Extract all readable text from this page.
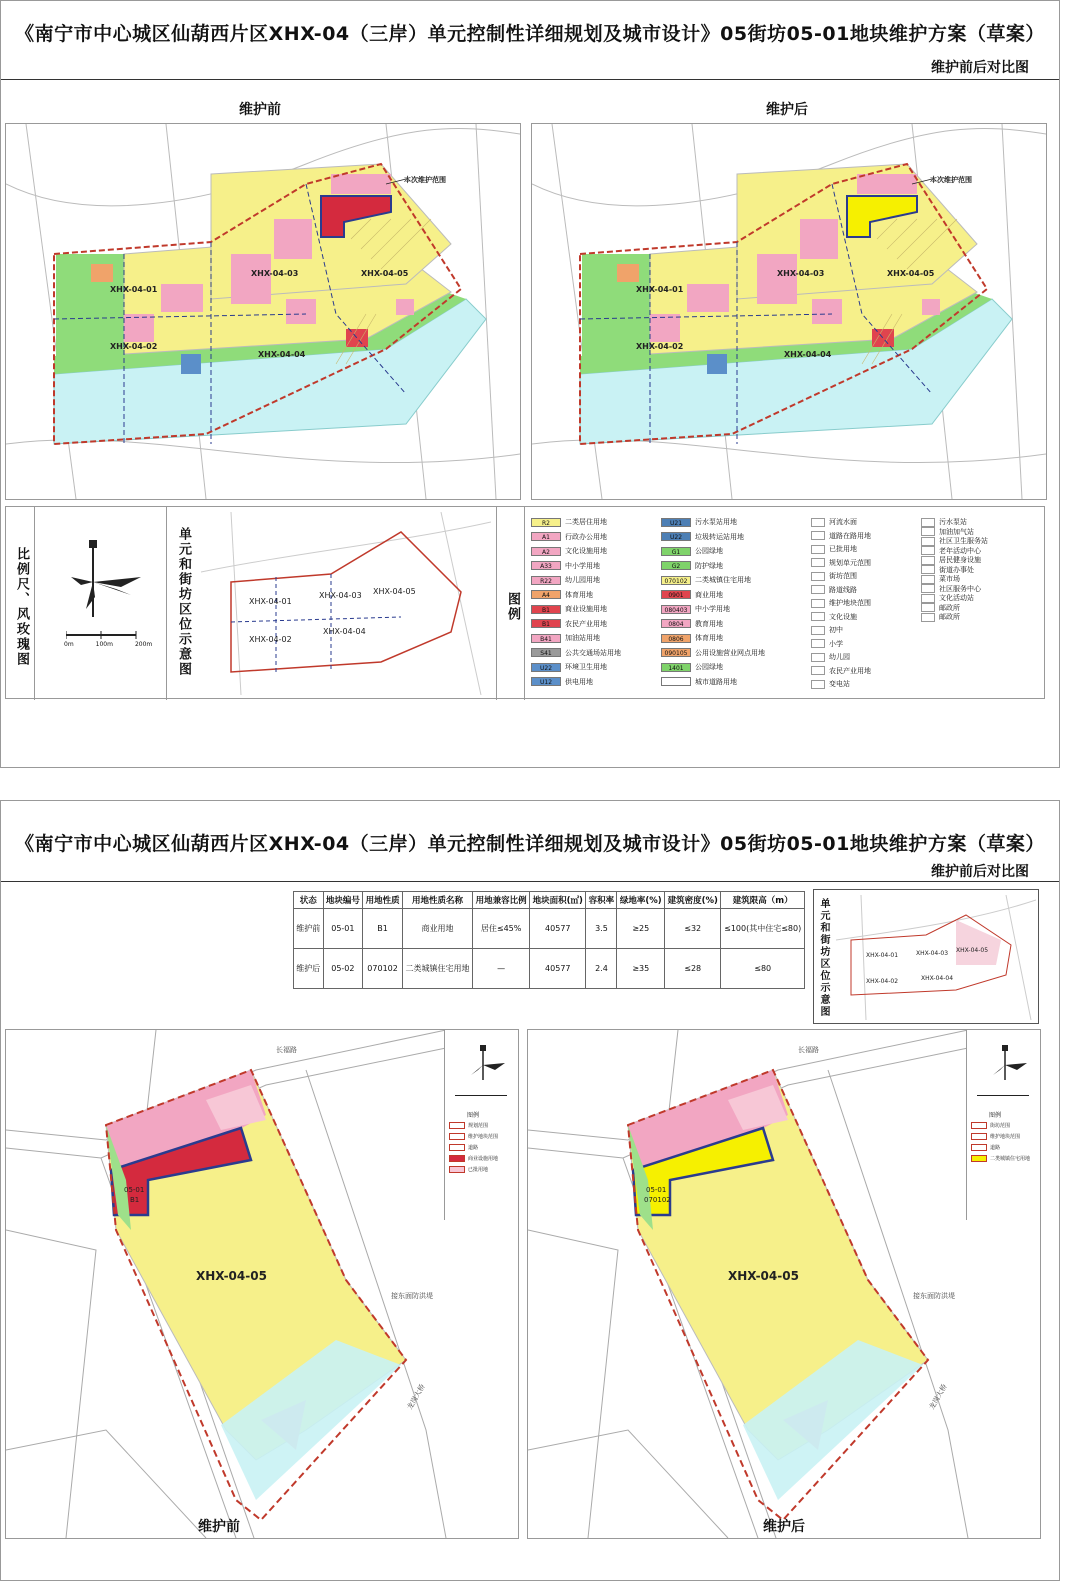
《南宁市中心城区仙葫西片区XHX-04（三岸）单元控制性详细规划及城市设计》05街坊05-01地块维护方案（草案）
维护前后对比图
维护前	维护后
XHX-04-01
XHX-04-02
XHX-04-03
XHX-04-04
XHX-04-05
本次维护范围
XHX-04-01
XHX-04-02
XHX-04-03
XHX-04-04
XHX-04-05
本次维护范围
比例尺、风玫瑰图	0m	100m	200m 单元和街坊区位示意图	XHX-04-01
XHX-04-02
XHX-04-03
XHX-04-04
XHX-04-05
图例
R2	二类居住用地
A1	行政办公用地
A2	文化设施用地
A33	中小学用地
R22	幼儿园用地
A4	体育用地
B1	商业设施用地
B1	农民产业用地
B41	加油站用地
S41	公共交通场站用地
U22	环境卫生用地
U12	供电用地
U21	污水泵站用地
U22	垃圾转运站用地
G1	公园绿地
G2	防护绿地
070102	二类城镇住宅用地
0901	商业用地
080403	中小学用地
0804	教育用地
0806	体育用地
090105	公用设施营业网点用地
1401	公园绿地
城市道路用地
河流水面
道路在路用地
已批用地
规划单元范围
街坊范围
路道线路
维护地块范围
文化设施
初中
小学
幼儿园
农民产业用地
变电站
污水泵站
加油加气站
社区卫生服务站
老年活动中心
居民健身设施
街道办事处
菜市场
社区服务中心
文化活动站
邮政所
邮政所
《南宁市中心城区仙葫西片区XHX-04（三岸）单元控制性详细规划及城市设计》05街坊05-01地块维护方案（草案）
维护前后对比图
状态	地块编号	用地性质	用地性质名称	用地兼容比例	地块面积(㎡)	容积率	绿地率(%)	建筑密度(%)	建筑限高（m）
维护前	05-01	B1	商业用地	居住≤45%	40577	3.5	≥25	≤32	≤100(其中住宅≤80)
维护后	05-02	070102	二类城镇住宅用地	—	40577	2.4	≥35	≤28	≤80	单元和街坊区位示意图	XHX-04-01
XHX-04-02
XHX-04-03
XHX-04-04
XHX-04-05
长福路
接东面防洪堤
龙岗大桥
05-01
B1
XHX-04-05
图例
规划范围
维护地块范围
道路
商业设施用地
已批用地
维护前
长福路
接东面防洪堤
龙岗大桥
05-01
070102
XHX-04-05
图例
街坊范围
维护地块范围
道路
二类城镇住宅用地
维护后
